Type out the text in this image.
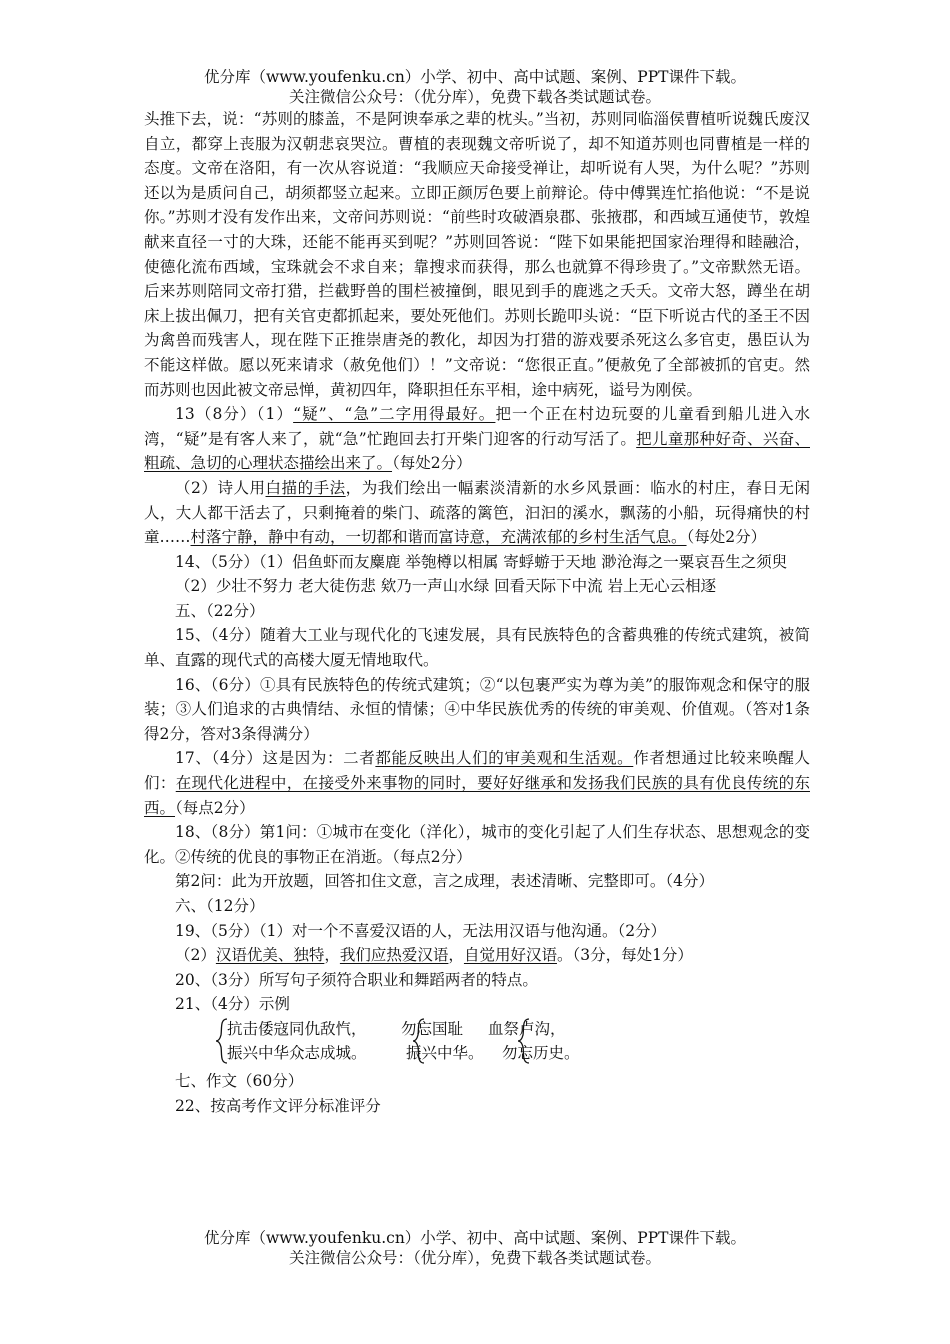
优分库（www.youfenku.cn）小学、初中、高中试题、案例、PPT课件下载。
关注微信公众号：（优分库），免费下载各类试题试卷。

头推下去，说：“苏则的膝盖，不是阿谀奉承之辈的枕头。”当初，苏则同临淄侯曹植听说魏氏废汉自立，都穿上丧服为汉朝悲哀哭泣。曹植的表现魏文帝听说了，却不知道苏则也同曹植是一样的态度。文帝在洛阳，有一次从容说道：“我顺应天命接受禅让，却听说有人哭，为什么呢？”苏则还以为是质问自己，胡须都竖立起来。立即正颜厉色要上前辩论。侍中傅巽连忙掐他说：“不是说你。”苏则才没有发作出来，文帝问苏则说：“前些时攻破酒泉郡、张掖郡，和西域互通使节，敦煌献来直径一寸的大珠，还能不能再买到呢？”苏则回答说：“陛下如果能把国家治理得和睦融洽，使德化流布西域，宝珠就会不求自来；靠搜求而获得，那么也就算不得珍贵了。”文帝默然无语。后来苏则陪同文帝打猎，拦截野兽的围栏被撞倒，眼见到手的鹿逃之夭夭。文帝大怒，蹲坐在胡床上拔出佩刀，把有关官吏都抓起来，要处死他们。苏则长跪叩头说：“臣下听说古代的圣王不因为禽兽而残害人，现在陛下正推崇唐尧的教化，却因为打猎的游戏要杀死这么多官吏，愚臣认为不能这样做。愿以死来请求（赦免他们）！”文帝说：“您很正直。”便赦免了全部被抓的官吏。然而苏则也因此被文帝忌惮，黄初四年，降职担任东平相，途中病死，谥号为刚侯。

13（8分）（1）“疑”、“急”二字用得最好。把一个正在村边玩耍的儿童看到船儿进入水湾，“疑”是有客人来了，就“急”忙跑回去打开柴门迎客的行动写活了。把儿童那种好奇、兴奋、粗疏、急切的心理状态描绘出来了。（每处2分）

（2）诗人用白描的手法，为我们绘出一幅素淡清新的水乡风景画：临水的村庄，春日无闲人，大人都干活去了，只剩掩着的柴门、疏落的篱笆，汩汩的溪水，飘荡的小船，玩得痛快的村童……村落宁静，静中有动，一切都和谐而富诗意，充满浓郁的乡村生活气息。（每处2分）

14、（5分）（1）侣鱼虾而友麋鹿 举匏樽以相属 寄蜉蝣于天地 渺沧海之一粟哀吾生之须臾

（2）少壮不努力 老大徒伤悲 欸乃一声山水绿 回看天际下中流 岩上无心云相逐

五、（22分）

15、（4分）随着大工业与现代化的飞速发展，具有民族特色的含蓄典雅的传统式建筑，被简单、直露的现代式的高楼大厦无情地取代。

16、（6分）①具有民族特色的传统式建筑；②“以包裹严实为尊为美”的服饰观念和保守的服装；③人们追求的古典情结、永恒的情愫；④中华民族优秀的传统的审美观、价值观。（答对1条得2分，答对3条得满分）

17、（4分）这是因为：二者都能反映出人们的审美观和生活观。作者想通过比较来唤醒人们：在现代化进程中，在接受外来事物的同时，要好好继承和发扬我们民族的具有优良传统的东西。（每点2分）

18、（8分）第1问：①城市在变化（洋化），城市的变化引起了人们生存状态、思想观念的变化。②传统的优良的事物正在消逝。（每点2分）

第2问：此为开放题，回答扣住文意，言之成理，表述清晰、完整即可。（4分）

六、（12分）

19、（5分）（1）对一个不喜爱汉语的人，无法用汉语与他沟通。（2分）

（2）汉语优美、独特，我们应热爱汉语，自觉用好汉语。（3分，每处1分）

20、（3分）所写句子须符合职业和舞蹈两者的特点。

21、（4分）示例

抗击倭寇同仇敌忾，
振兴中华众志成城。
勿忘国耻
振兴中华。
血祭卢沟，
勿忘历史。

七、作文（60分）

22、按高考作文评分标准评分

优分库（www.youfenku.cn）小学、初中、高中试题、案例、PPT课件下载。
关注微信公众号：（优分库），免费下载各类试题试卷。
